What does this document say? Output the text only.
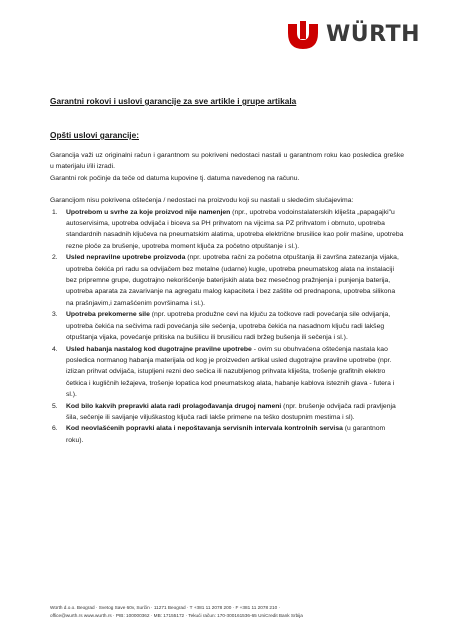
WÜRTH
Garantni rokovi i uslovi garancije za sve artikle i grupe artikala
Opšti uslovi garancije:

Garancija važi uz originalni račun i garantnom su pokriveni nedostaci nastali u garantnom roku kao posledica greške u materijalu i/ili izradi.

Garantni rok počinje da teče od datuma kupovine tj. datuma navedenog na računu.

Garancijom nisu pokrivena oštećenja / nedostaci na proizvodu koji su nastali u sledećim slučajevima:

1. Upotrebom u svrhe za koje proizvod nije namenjen (npr., upotreba vodoinstalaterskih kliješta „papagajki"u autoservisima, upotreba odvijača i biceva sa PH prihvatom na vijcima sa PZ prihvatom i obrnuto, upotreba standardnih nasadnih ključeva na pneumatskim alatima, upotreba električne brusilice kao polir mašine, upotreba rezne ploče za brušenje, upotreba moment ključa za početno otpuštanje i sl.).
2. Usled nepravilne upotrebe proizvoda (npr. upotreba račni za početna otpuštanja ili završna zatezanja vijaka, upotreba čekića pri radu sa odvijačem bez metalne (udarne) kugle, upotreba pneumatskog alata na instalaciji bez pripremne grupe, dugotrajno nekorišćenje baterijskih alata bez mesečnog pražnjenja i punjenja baterija, upotreba aparata za zavarivanje na agregatu malog kapaciteta i bez zaštite od prednapona, upotreba silikona na prašnjavim,i zamašćenim površinama i sl.).
3. Upotreba prekomerne sile (npr. upotreba produžne cevi na ključu za točkove radi povećanja sile odvijanja, upotreba čekića na sečivima radi povećanja sile sečenja, upotreba čekića na nasadnom ključu radi lakšeg otpuštanja vijaka, povećanje pritiska na bušilicu ili brusilicu radi bržeg bušenja ili sečenja i sl.).
4. Usled habanja nastalog kod dugotrajne pravilne upotrebe - ovim su obuhvaćena oštećenja nastala kao posledica normanog habanja materijala od kog je proizveden artikal usled dugotrajne pravilne upotrebe (npr. izlizan prihvat odvijača, istupljeni rezni deo sečica ili nazubljenog prihvata kliješta, trošenje grafitnih elektro četkica i kugličnih ležajeva, trošenje lopatica kod pneumatskog alata, habanje kablova isteznih glava - futera i sl.).
5. Kod bilo kakvih prepravki alata radi prolagođavanja drugoj nameni (npr. brušenje odvijača radi pravljenja šila, sečenje ili savijanje viljuškastog ključa radi lakše primene na teško dostupnim mestima i sl).
6. Kod neovlašćenih popravki alata i nepoštavanja servisnih intervala kontrolnih servisa (u garantnom roku).
Würth d.o.o. Beograd · Svetog Save 60v, Surčin · 11271 Beograd · T +381 11 2078 200 · F +381 11 2078 210 ·
office@wurth.rs www.wurth.rs · PIB: 100000362 · MB: 17155172 · Tekući račun: 170-300161536-65 UniCredit Bank Srbija
